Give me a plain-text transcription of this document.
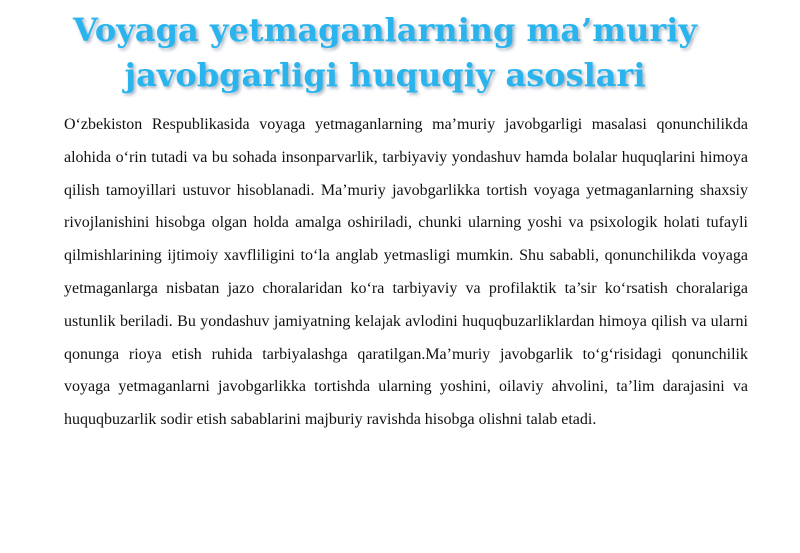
Voyaga yetmaganlarning ma’muriy
javobgarligi huquqiy asoslari

O‘zbekiston Respublikasida voyaga yetmaganlarning ma’muriy javobgarligi masalasi qonunchilikda alohida o‘rin tutadi va bu sohada insonparvarlik, tarbiyaviy yondashuv hamda bolalar huquqlarini himoya qilish tamoyillari ustuvor hisoblanadi. Ma’muriy javobgarlikka tortish voyaga yetmaganlarning shaxsiy rivojlanishini hisobga olgan holda amalga oshiriladi, chunki ularning yoshi va psixologik holati tufayli qilmishlarining ijtimoiy xavfliligini to‘la anglab yetmasligi mumkin. Shu sababli, qonunchilikda voyaga yetmaganlarga nisbatan jazo choralaridan ko‘ra tarbiyaviy va profilaktik ta’sir ko‘rsatish choralariga ustunlik beriladi. Bu yondashuv jamiyatning kelajak avlodini huquqbuzarliklardan himoya qilish va ularni qonunga rioya etish ruhida tarbiyalashga qaratilgan.Ma’muriy javobgarlik to‘g‘risidagi qonunchilik voyaga yetmaganlarni javobgarlikka tortishda ularning yoshini, oilaviy ahvolini, ta’lim darajasini va huquqbuzarlik sodir etish sabablarini majburiy ravishda hisobga olishni talab etadi.
